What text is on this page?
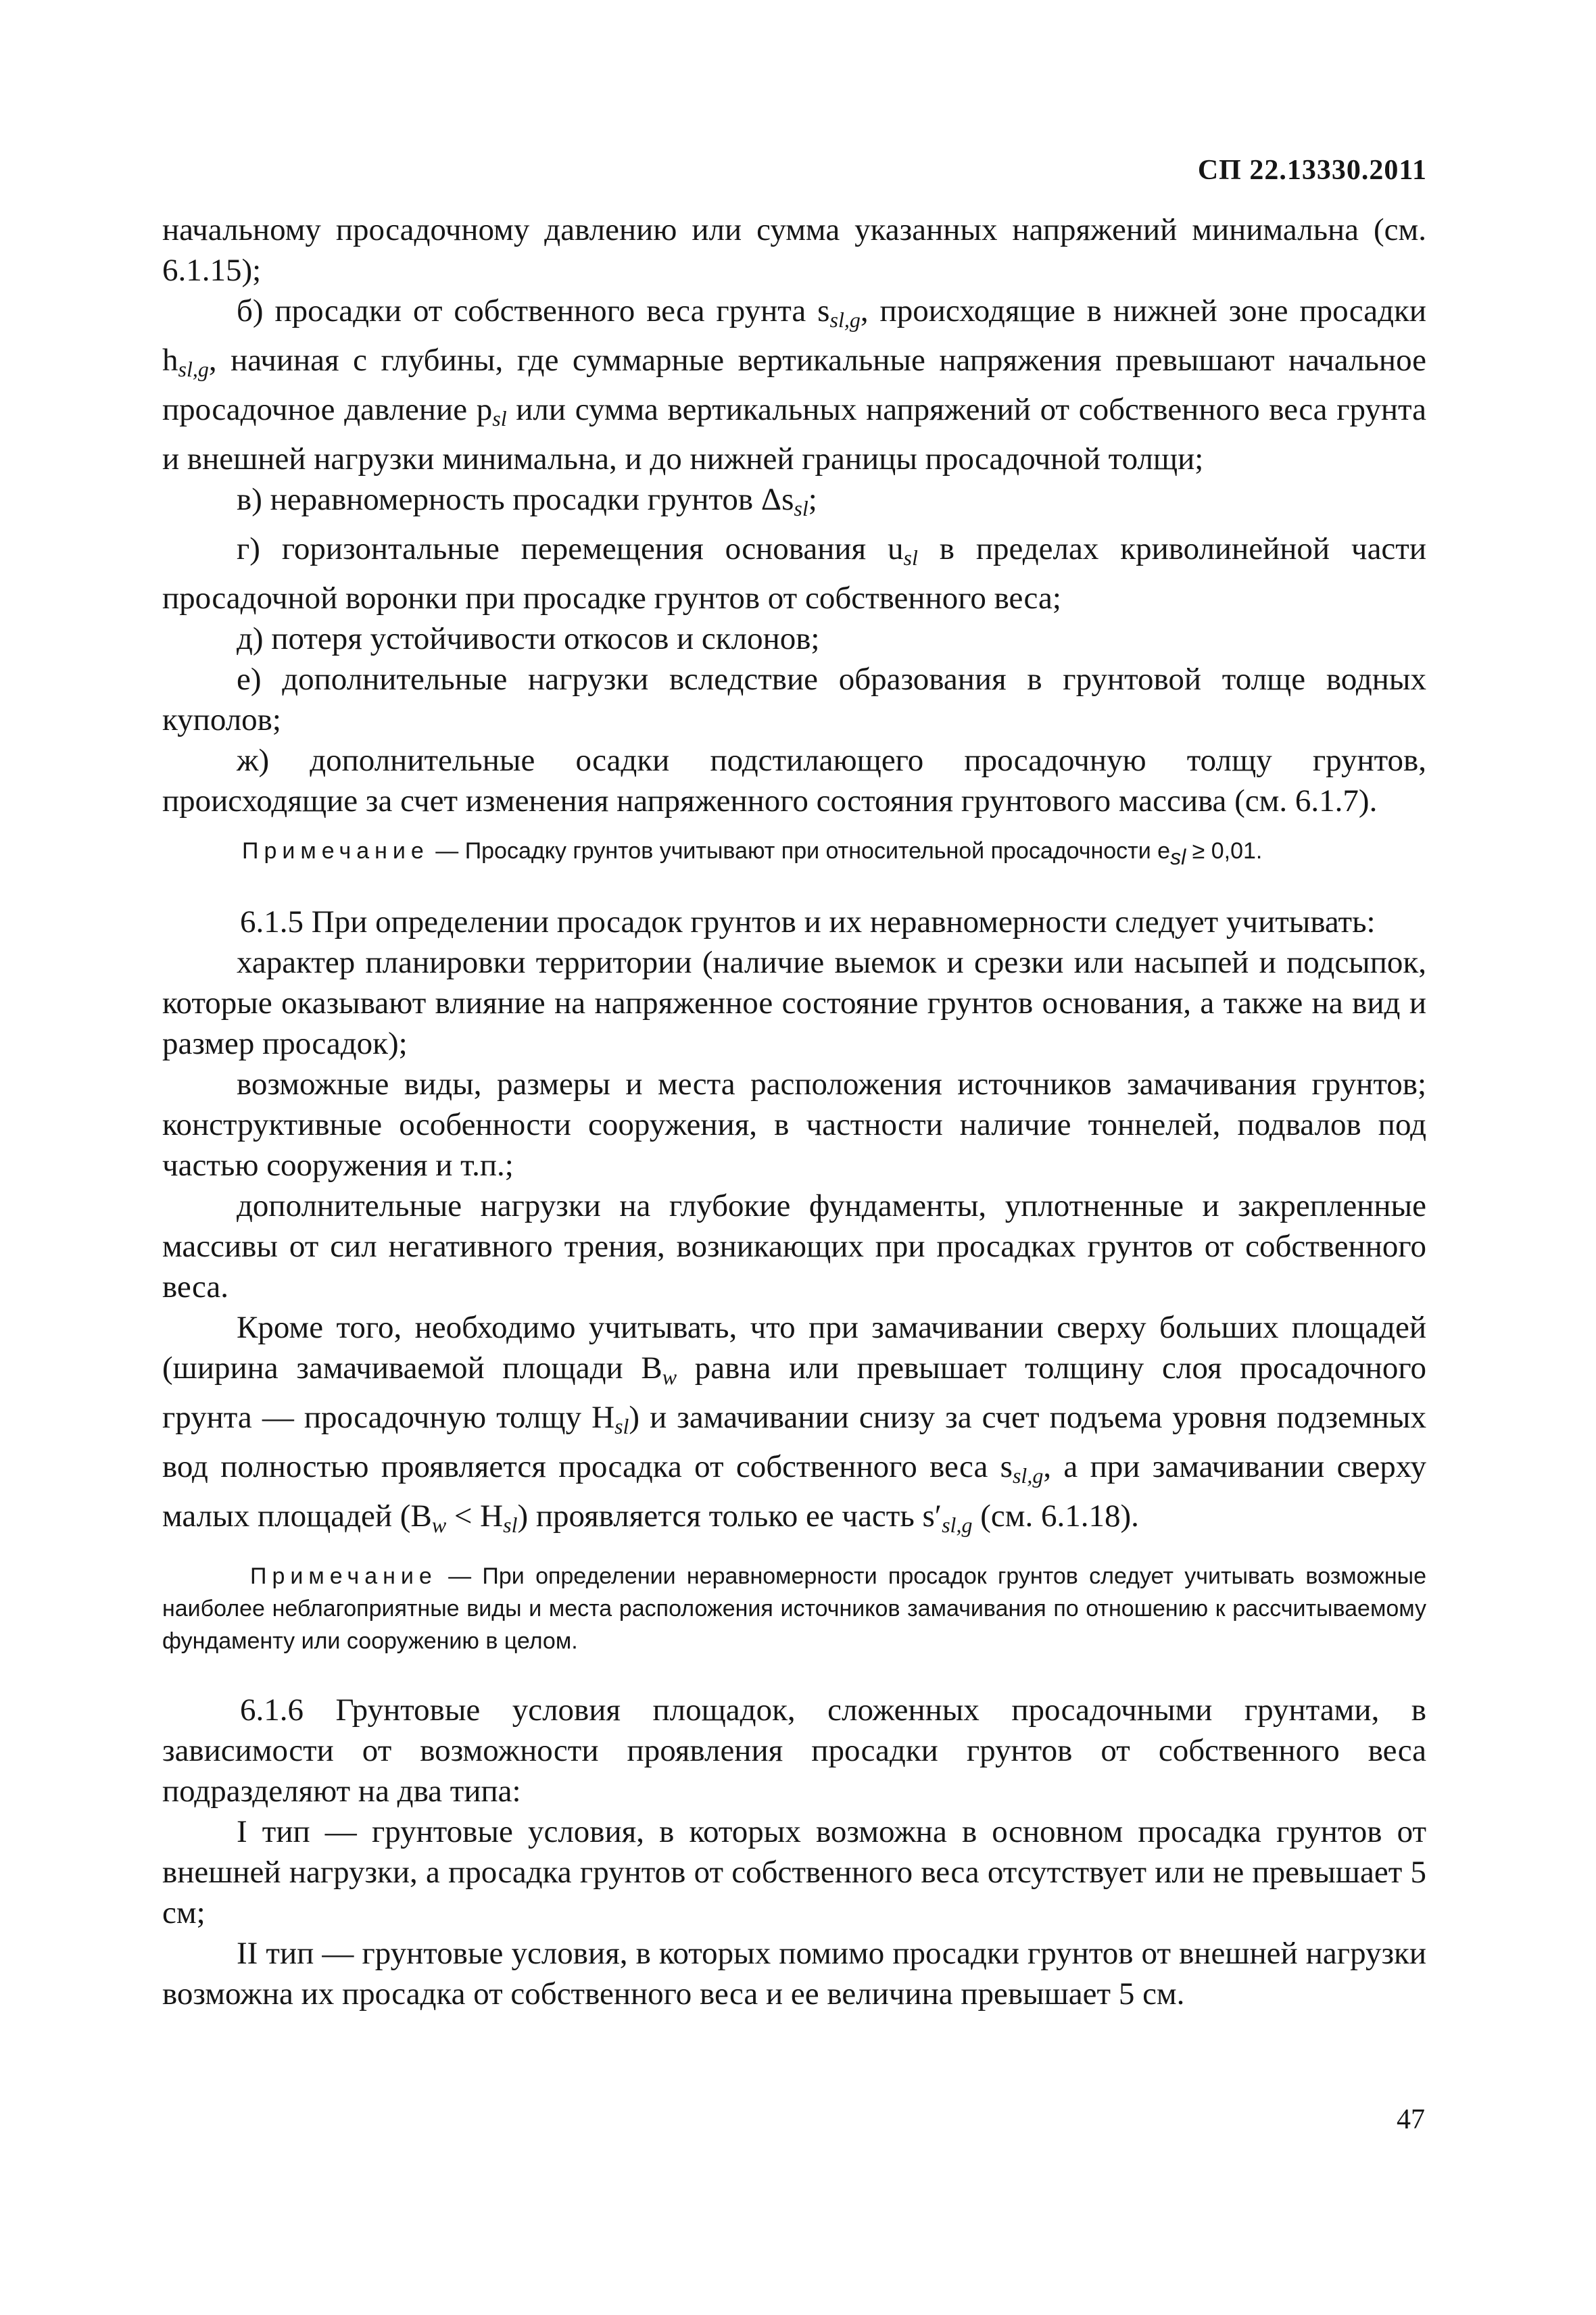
СП 22.13330.2011

начальному просадочному давлению или сумма указанных напряжений минимальна (см. 6.1.15);

б) просадки от собственного веса грунта $s_{sl,g}$, происходящие в нижней зоне просадки $h_{sl,g}$, начиная с глубины, где суммарные вертикальные напряжения превышают начальное просадочное давление $p_{sl}$ или сумма вертикальных напряжений от собственного веса грунта и внешней нагрузки минимальна, и до нижней границы просадочной толщи;

в) неравномерность просадки грунтов $\Delta s_{sl}$;

г) горизонтальные перемещения основания $u_{sl}$ в пределах криволинейной части просадочной воронки при просадке грунтов от собственного веса;

д) потеря устойчивости откосов и склонов;

е) дополнительные нагрузки вследствие образования в грунтовой толще водных куполов;

ж) дополнительные осадки подстилающего просадочную толщу грунтов, происходящие за счет изменения напряженного состояния грунтового массива (см. 6.1.7).

Примечание — Просадку грунтов учитывают при относительной просадочности esl ≥ 0,01.

6.1.5 При определении просадок грунтов и их неравномерности следует учитывать:

характер планировки территории (наличие выемок и срезки или насыпей и подсыпок, которые оказывают влияние на напряженное состояние грунтов основания, а также на вид и размер просадок);

возможные виды, размеры и места расположения источников замачивания грунтов; конструктивные особенности сооружения, в частности наличие тоннелей, подвалов под частью сооружения и т.п.;

дополнительные нагрузки на глубокие фундаменты, уплотненные и закрепленные массивы от сил негативного трения, возникающих при просадках грунтов от собственного веса.

Кроме того, необходимо учитывать, что при замачивании сверху больших площадей (ширина замачиваемой площади $B_w$ равна или превышает толщину слоя просадочного грунта — просадочную толщу $H_{sl}$) и замачивании снизу за счет подъема уровня подземных вод полностью проявляется просадка от собственного веса $s_{sl,g}$, а при замачивании сверху малых площадей $(B_w < H_{sl})$ проявляется только ее часть $s'_{sl,g}$ (см. 6.1.18).

Примечание — При определении неравномерности просадок грунтов следует учитывать возможные наиболее неблагоприятные виды и места расположения источников замачивания по отношению к рассчитываемому фундаменту или сооружению в целом.

6.1.6 Грунтовые условия площадок, сложенных просадочными грунтами, в зависимости от возможности проявления просадки грунтов от собственного веса подразделяют на два типа:

I тип — грунтовые условия, в которых возможна в основном просадка грунтов от внешней нагрузки, а просадка грунтов от собственного веса отсутствует или не превышает 5 см;

II тип — грунтовые условия, в которых помимо просадки грунтов от внешней нагрузки возможна их просадка от собственного веса и ее величина превышает 5 см.

47
